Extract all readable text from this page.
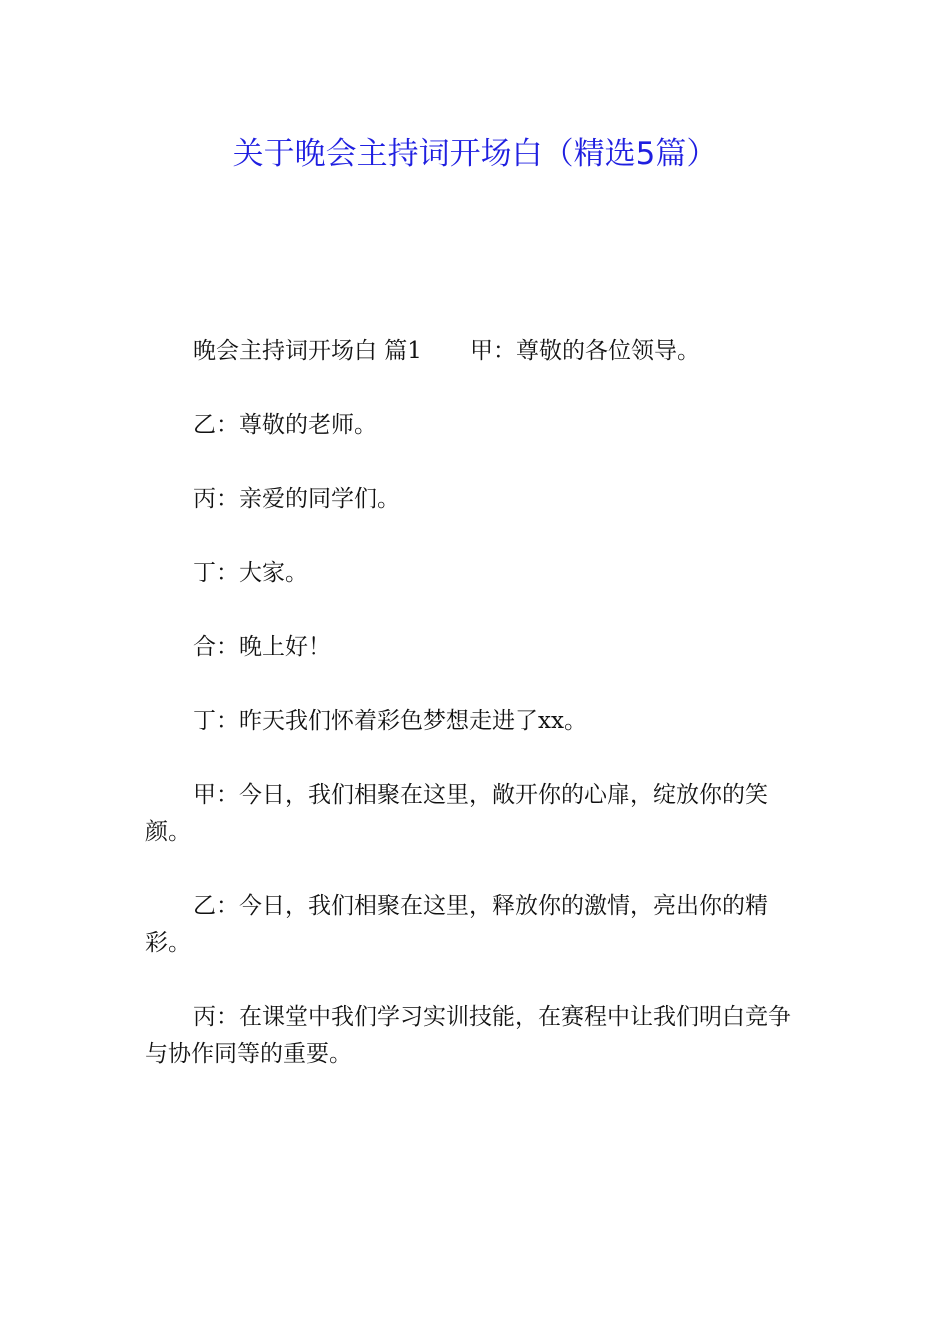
关于晚会主持词开场白（精选5篇）

晚会主持词开场白 篇1 甲：尊敬的各位领导。

乙：尊敬的老师。

丙：亲爱的同学们。

丁：大家。

合：晚上好！

丁：昨天我们怀着彩色梦想走进了xx。

甲：今日，我们相聚在这里，敞开你的心扉，绽放你的笑颜。

乙：今日，我们相聚在这里，释放你的激情，亮出你的精彩。

丙：在课堂中我们学习实训技能，在赛程中让我们明白竞争与协作同等的重要。
